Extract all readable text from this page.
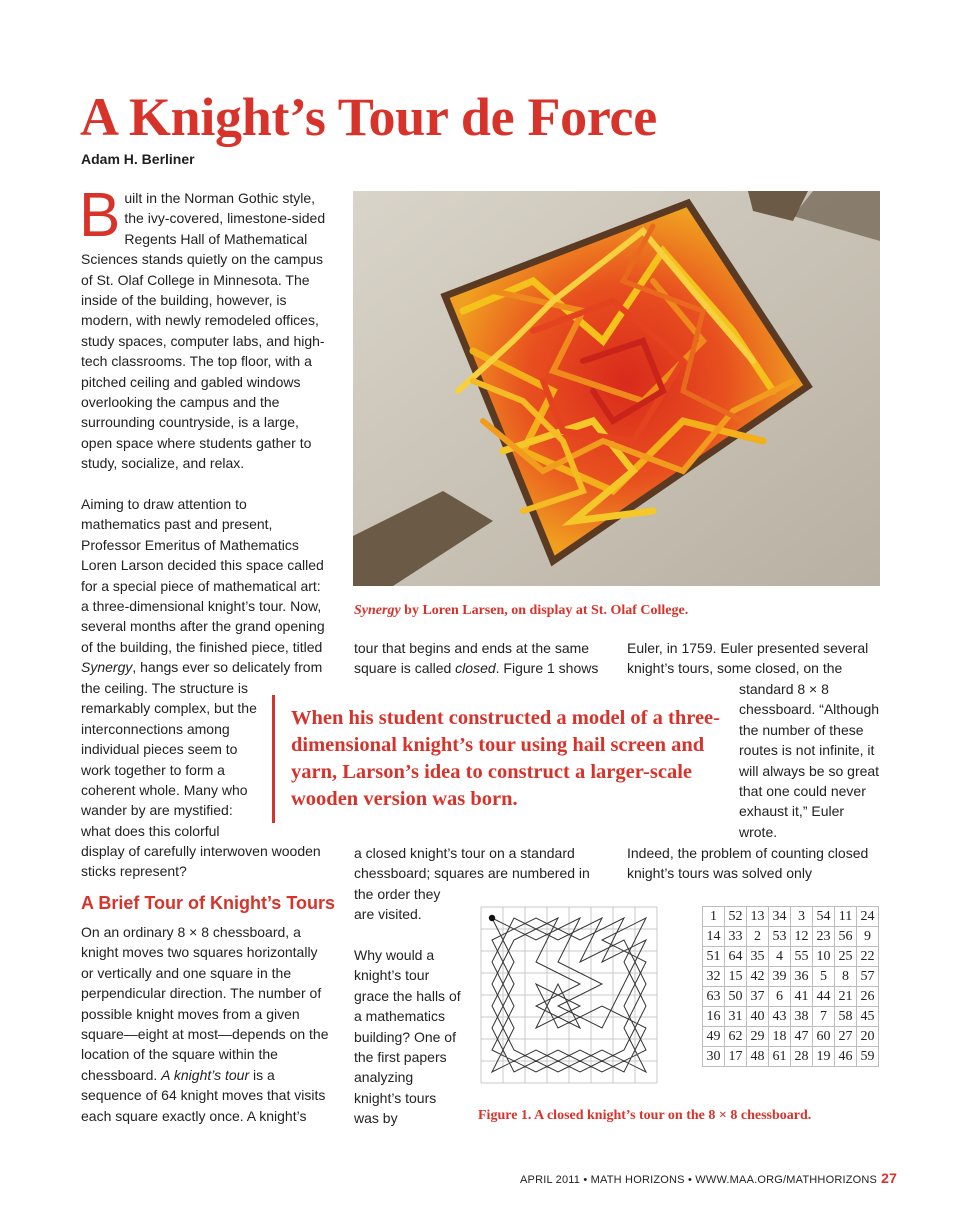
A Knight’s Tour de Force
Adam H. Berliner

Built in the Norman Gothic style, the ivy-covered, limestone-sided Regents Hall of Mathematical Sciences stands quietly on the campus of St. Olaf College in Minnesota. The inside of the building, however, is modern, with newly remodeled offices, study spaces, computer labs, and high-tech classrooms. The top floor, with a pitched ceiling and gabled windows overlooking the campus and the surrounding countryside, is a large, open space where students gather to study, socialize, and relax.

Aiming to draw attention to mathematics past and present, Professor Emeritus of Mathematics Loren Larson decided this space called for a special piece of mathematical art: a three-dimensional knight’s tour. Now, several months after the grand opening of the building, the finished piece, titled Synergy, hangs ever so delicately from

the ceiling. The structure is remarkably complex, but the interconnections among individual pieces seem to work together to form a coherent whole. Many who wander by are mystified: what does this colorful

display of carefully interwoven wooden sticks represent?

A Brief Tour of Knight’s Tours

On an ordinary 8 × 8 chessboard, a knight moves two squares horizontally or vertically and one square in the perpendicular direction. The number of possible knight moves from a given square—eight at most—depends on the location of the square within the chessboard. A knight’s tour is a sequence of 64 knight moves that visits each square exactly once. A knight’s

Synergy by Loren Larsen, on display at St. Olaf College.

tour that begins and ends at the same square is called closed. Figure 1 shows

a closed knight’s tour on a standard chessboard; squares are numbered in the order they

are visited.

Why would a knight’s tour grace the halls of a mathematics building? One of the first papers analyzing knight’s tours was by

Euler, in 1759. Euler presented several knight’s tours, some closed, on the

standard 8 × 8 chessboard. “Although the number of these routes is not infinite, it will always be so great that one could never exhaust it,” Euler wrote.

Indeed, the problem of counting closed knight’s tours was solved only

When his student constructed a model of a three-dimensional knight’s tour using hail screen and yarn, Larson’s idea to construct a larger-scale wooden version was born.
1	52	13	34	3	54	11	24
14	33	2	53	12	23	56	9
51	64	35	4	55	10	25	22
32	15	42	39	36	5	8	57
63	50	37	6	41	44	21	26
16	31	40	43	38	7	58	45
49	62	29	18	47	60	27	20
30	17	48	61	28	19	46	59
Figure 1. A closed knight’s tour on the 8 × 8 chessboard.
APRIL 2011 • MATH HORIZONS • WWW.MAA.ORG/MATHHORIZONS 27
